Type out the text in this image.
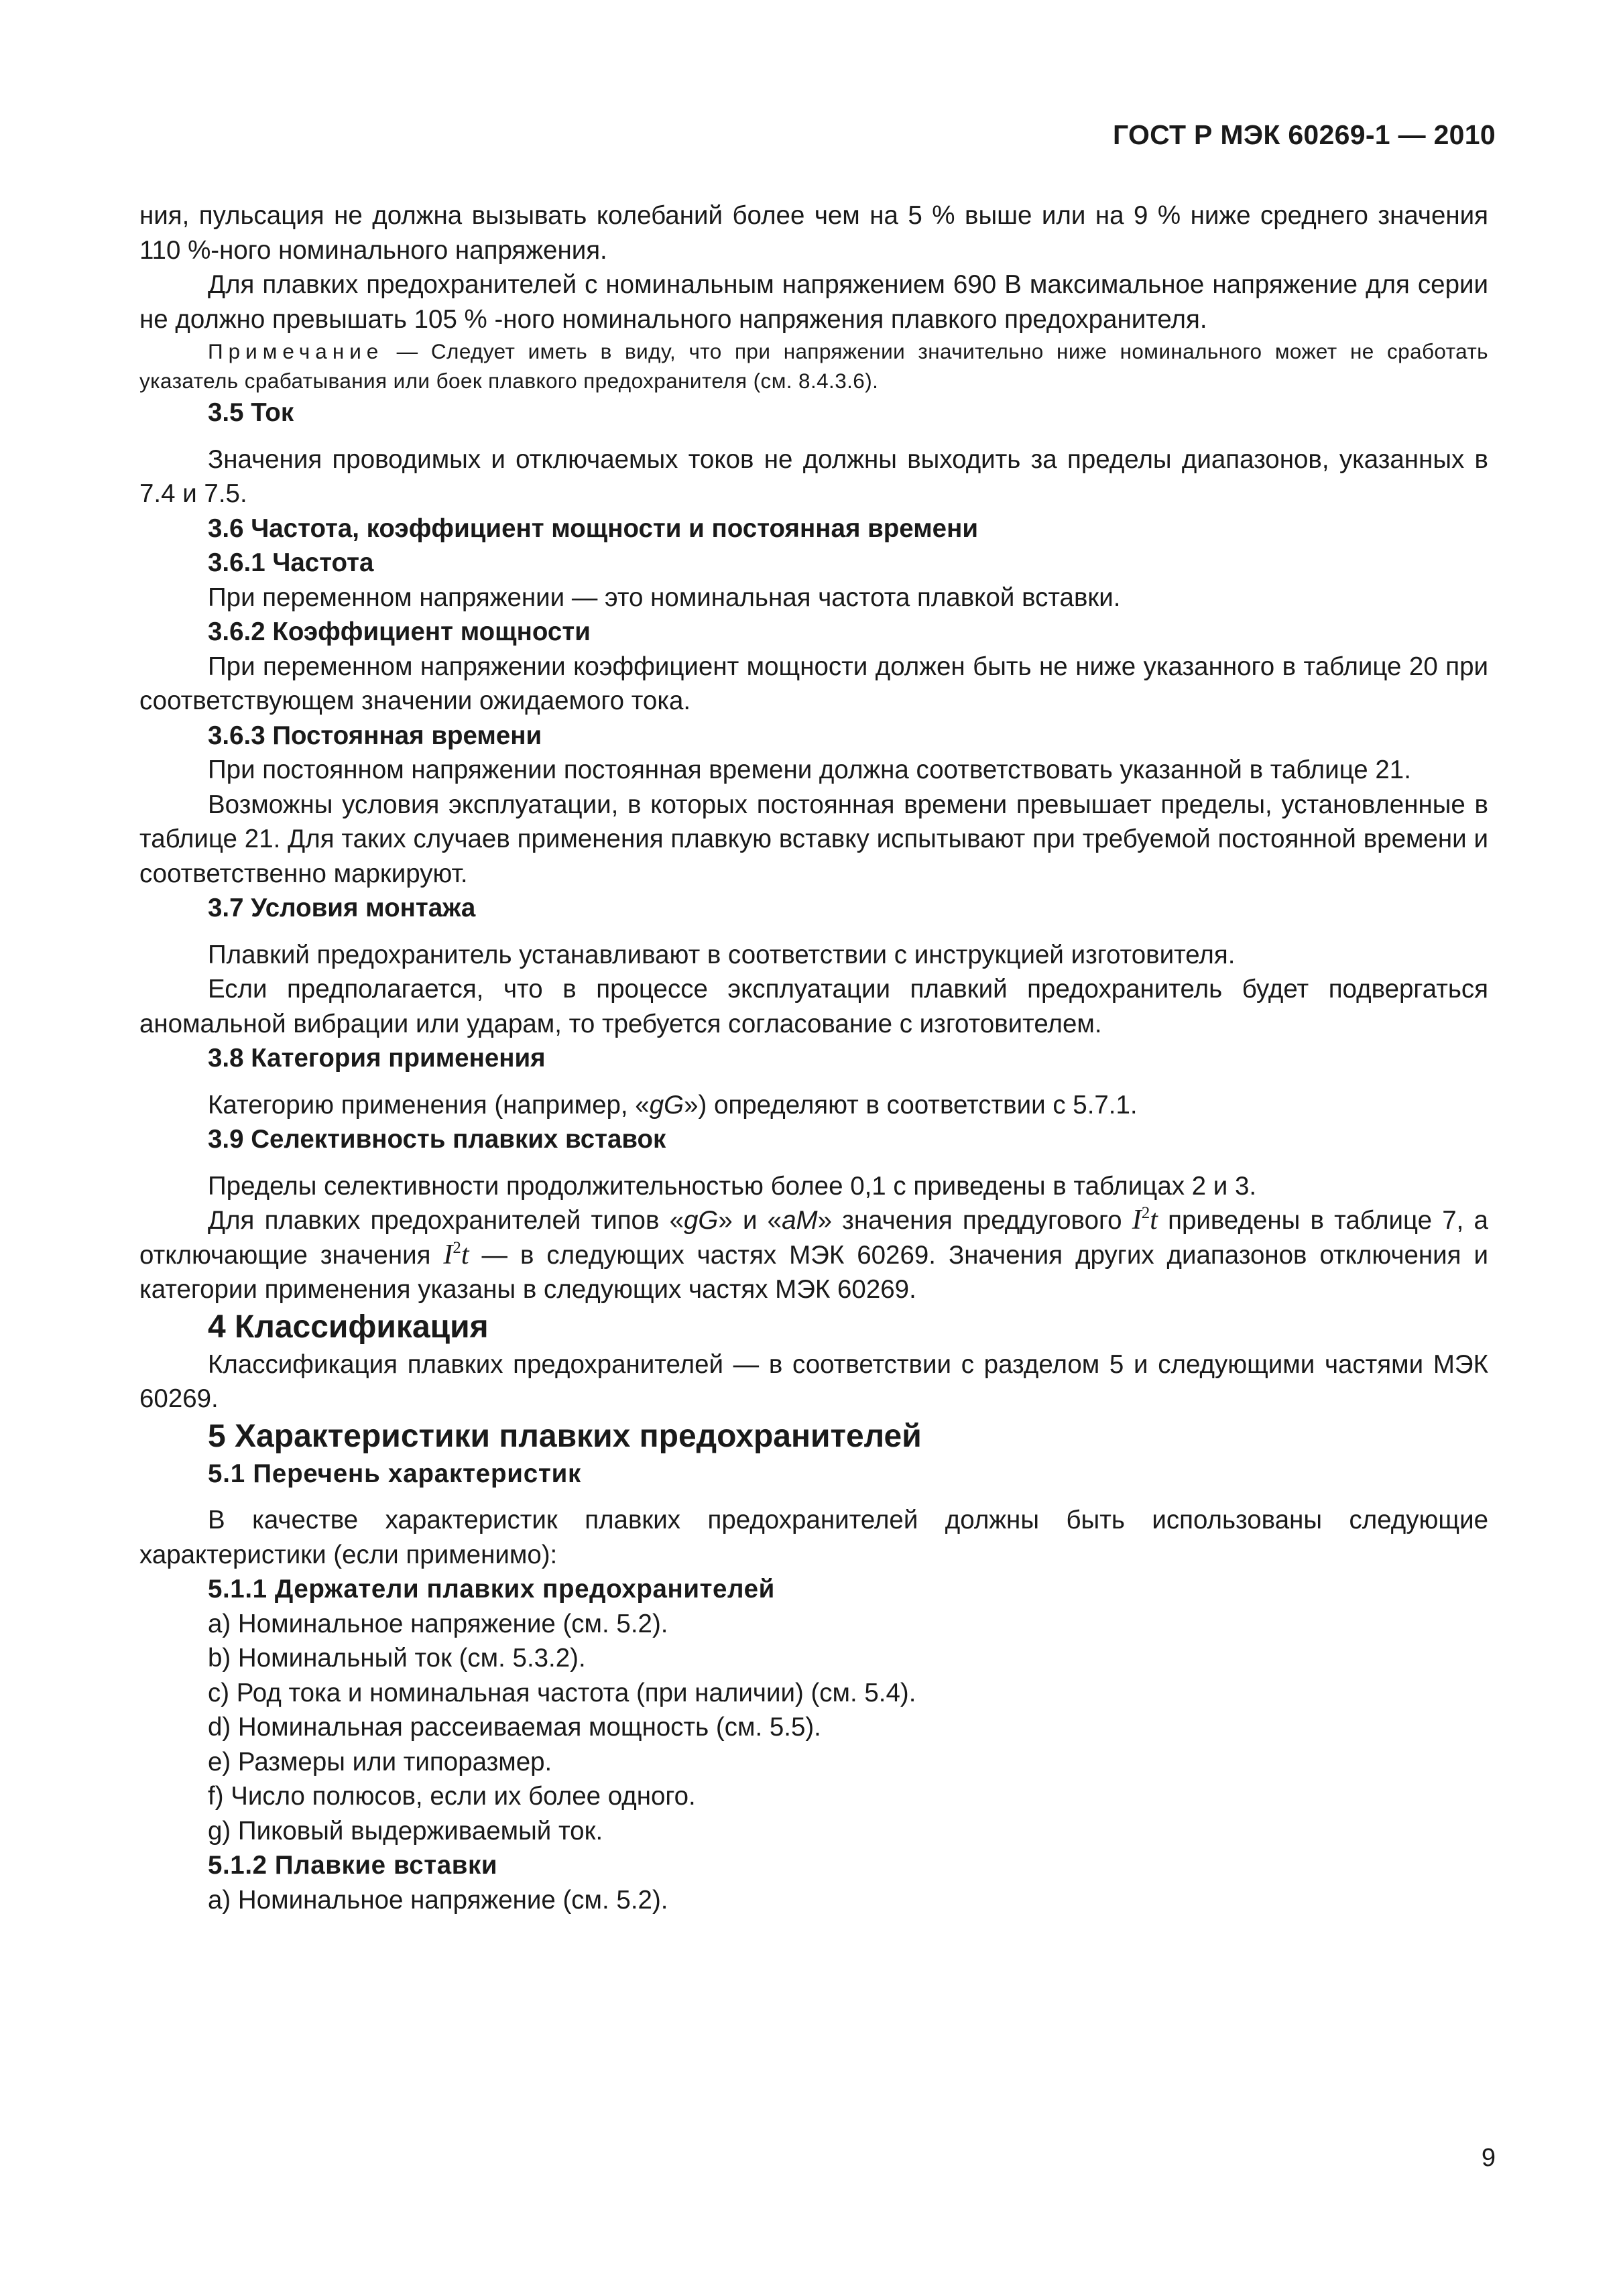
ГОСТ Р МЭК 60269-1 — 2010

ния, пульсация не должна вызывать колебаний более чем на 5 % выше или на 9 % ниже среднего значения 110 %-ного номинального напряжения.

Для плавких предохранителей с номинальным напряжением 690 В максимальное напряжение для серии не должно превышать 105 % -ного номинального напряжения плавкого предохранителя.

Примечание — Следует иметь в виду, что при напряжении значительно ниже номинального может не сработать указатель срабатывания или боек плавкого предохранителя (см. 8.4.3.6).

3.5 Ток

Значения проводимых и отключаемых токов не должны выходить за пределы диапазонов, указанных в 7.4 и 7.5.

3.6 Частота, коэффициент мощности и постоянная времени

3.6.1 Частота

При переменном напряжении — это номинальная частота плавкой вставки.

3.6.2 Коэффициент мощности

При переменном напряжении коэффициент мощности должен быть не ниже указанного в таблице 20 при соответствующем значении ожидаемого тока.

3.6.3 Постоянная времени

При постоянном напряжении постоянная времени должна соответствовать указанной в таблице 21.

Возможны условия эксплуатации, в которых постоянная времени превышает пределы, установленные в таблице 21. Для таких случаев применения плавкую вставку испытывают при требуемой постоянной времени и соответственно маркируют.

3.7 Условия монтажа

Плавкий предохранитель устанавливают в соответствии с инструкцией изготовителя.

Если предполагается, что в процессе эксплуатации плавкий предохранитель будет подвергаться аномальной вибрации или ударам, то требуется согласование с изготовителем.

3.8 Категория применения

Категорию применения (например, «gG») определяют в соответствии с 5.7.1.

3.9 Селективность плавких вставок

Пределы селективности продолжительностью более 0,1 с приведены в таблицах 2 и 3.

Для плавких предохранителей типов «gG» и «aM» значения преддугового $I^2t$ приведены в таблице 7, а отключающие значения $I^2t$ — в следующих частях МЭК 60269. Значения других диапазонов отключения и категории применения указаны в следующих частях МЭК 60269.

4 Классификация

Классификация плавких предохранителей — в соответствии с разделом 5 и следующими частями МЭК 60269.

5 Характеристики плавких предохранителей

5.1 Перечень характеристик

В качестве характеристик плавких предохранителей должны быть использованы следующие характеристики (если применимо):

5.1.1 Держатели плавких предохранителей

a) Номинальное напряжение (см. 5.2).

b) Номинальный ток (см. 5.3.2).

c) Род тока и номинальная частота (при наличии) (см. 5.4).

d) Номинальная рассеиваемая мощность (см. 5.5).

e) Размеры или типоразмер.

f) Число полюсов, если их более одного.

g) Пиковый выдерживаемый ток.

5.1.2 Плавкие вставки

a) Номинальное напряжение (см. 5.2).

9
